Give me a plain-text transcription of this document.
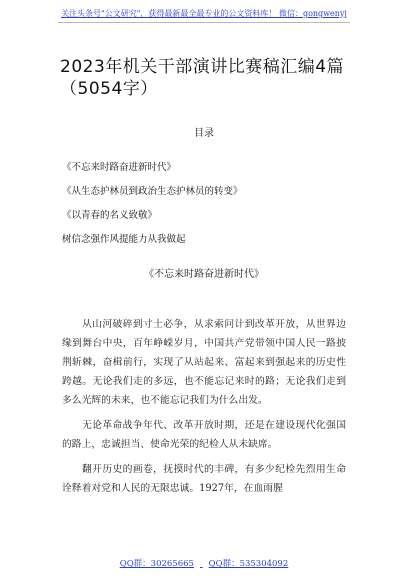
关注头条号"公文研究"，获得最新最全最专业的公文资料库！ 微信：gongwenyj
2023年机关干部演讲比赛稿汇编4篇（5054字）
目录
《不忘来时路奋进新时代》
《从生态护林员到政治生态护林员的转变》
《以青春的名义致敬》
树信念强作风提能力从我做起
《不忘来时路奋进新时代》

从山河破碎到寸土必争，从求索问计到改革开放，从世界边缘到舞台中央，百年峥嵘岁月，中国共产党带领中国人民一路披荆斩棘，奋楫前行，实现了从站起来、富起来到强起来的历史性跨越。无论我们走的多远，也不能忘记来时的路；无论我们走到多么光辉的未来，也不能忘记我们为什么出发。

无论革命战争年代、改革开放时期，还是在建设现代化强国的路上，忠诚担当、使命光荣的纪检人从未缺席。

翻开历史的画卷，抚摸时代的丰碑，有多少纪检先烈用生命诠释着对党和人民的无限忠诚。1927年，在血雨腥

QQ群：30265665 QQ群：535304092
